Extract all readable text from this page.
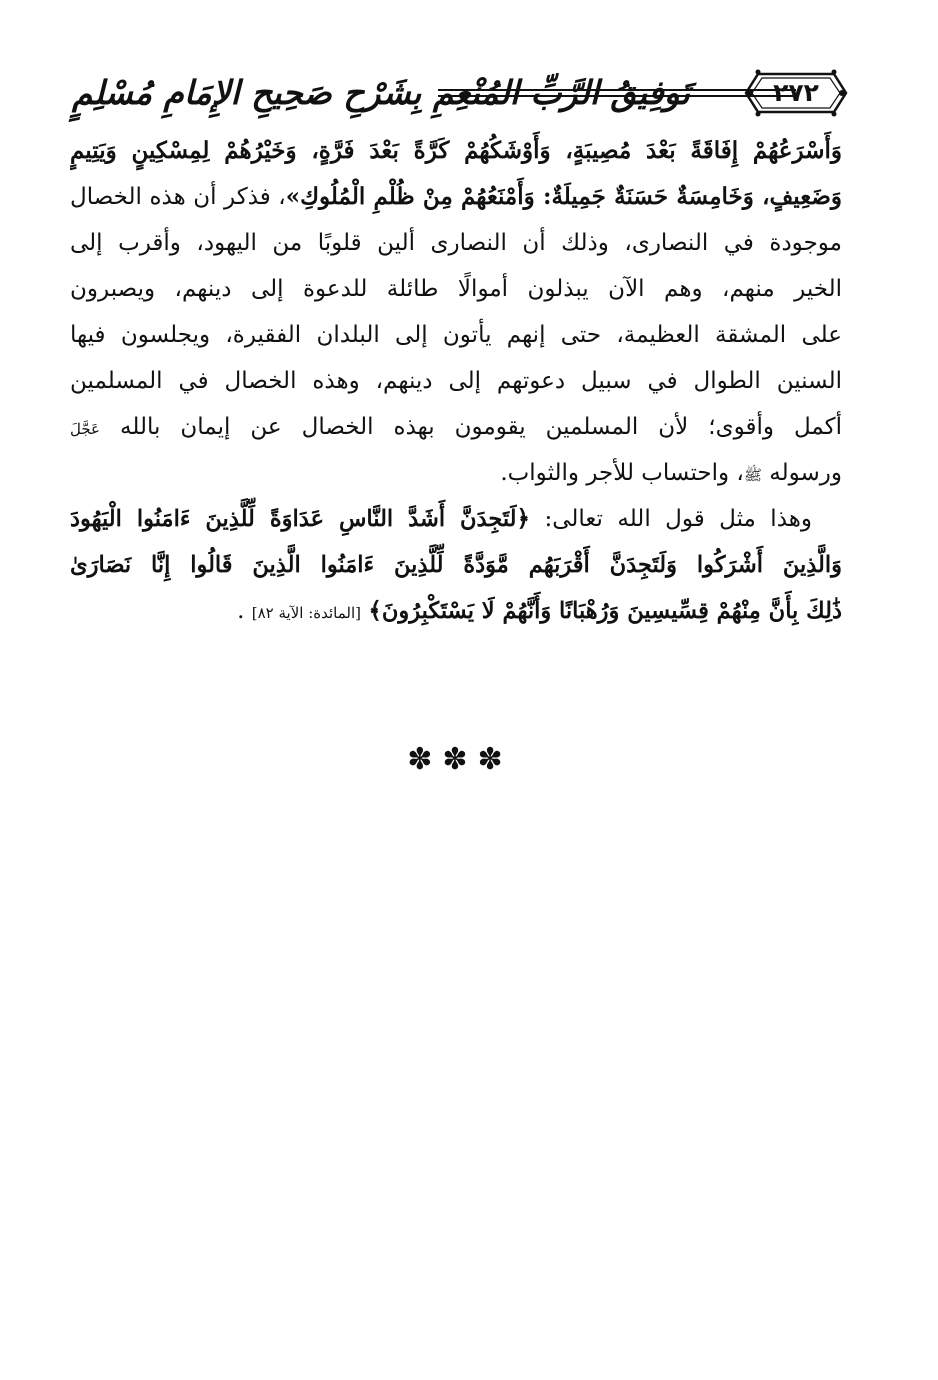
تَوفِيقُ الرَّبِّ المُنْعِمِ بِشَرْحِ صَحِيحِ الإِمَامِ مُسْلِمٍ	٢٧٢
وَأَسْرَعُهُمْ إِفَاقَةً بَعْدَ مُصِيبَةٍ، وَأَوْشَكُهُمْ كَرَّةً بَعْدَ فَرَّةٍ، وَخَيْرُهُمْ لِمِسْكِينٍ وَيَتِيمٍ
وَضَعِيفٍ، وَخَامِسَةٌ حَسَنَةٌ جَمِيلَةٌ: وَأَمْنَعُهُمْ مِنْ ظُلْمِ الْمُلُوكِ»، فذكر أن هذه الخصال
موجودة في النصارى، وذلك أن النصارى ألين قلوبًا من اليهود، وأقرب إلى
الخير منهم، وهم الآن يبذلون أموالًا طائلة للدعوة إلى دينهم، ويصبرون
على المشقة العظيمة، حتى إنهم يأتون إلى البلدان الفقيرة، ويجلسون فيها
السنين الطوال في سبيل دعوتهم إلى دينهم، وهذه الخصال في المسلمين
أكمل وأقوى؛ لأن المسلمين يقومون بهذه الخصال عن إيمان بالله عَجَّلَ
ورسوله ﷺ، واحتساب للأجر والثواب.
وهذا مثل قول الله تعالى: ﴿لَتَجِدَنَّ أَشَدَّ النَّاسِ عَدَاوَةً لِّلَّذِينَ ءَامَنُوا الْيَهُودَ
وَالَّذِينَ أَشْرَكُوا وَلَتَجِدَنَّ أَقْرَبَهُم مَّوَدَّةً لِّلَّذِينَ ءَامَنُوا الَّذِينَ قَالُوا إِنَّا نَصَارَىٰ
ذَٰلِكَ بِأَنَّ مِنْهُمْ قِسِّيسِينَ وَرُهْبَانًا وَأَنَّهُمْ لَا يَسْتَكْبِرُونَ﴾ [المائدة: الآية ٨٢] .
✽✽✽
